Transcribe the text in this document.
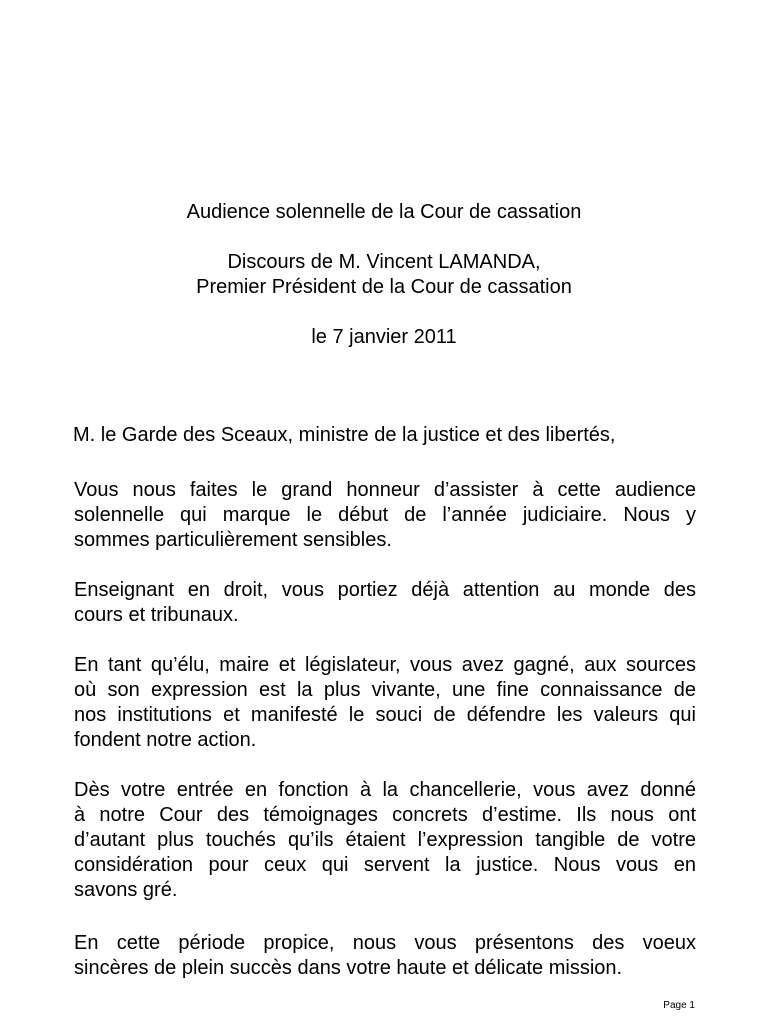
Audience solennelle de la Cour de cassation
Discours de M. Vincent LAMANDA,
Premier Président de la Cour de cassation
le 7 janvier 2011
M. le Garde des Sceaux, ministre de la justice et des libertés,
Vous nous faites le grand honneur d’assister à cette audience
solennelle qui marque le début de l’année judiciaire. Nous y
sommes particulièrement sensibles.
Enseignant en droit, vous portiez déjà attention au monde des
cours et tribunaux.
En tant qu’élu, maire et législateur, vous avez gagné, aux sources
où son expression est la plus vivante, une fine connaissance de
nos institutions et manifesté le souci de défendre les valeurs qui
fondent notre action.
Dès votre entrée en fonction à la chancellerie, vous avez donné
à notre Cour des témoignages concrets d’estime. Ils nous ont
d’autant plus touchés qu’ils étaient l’expression tangible de votre
considération pour ceux qui servent la justice. Nous vous en
savons gré.
En cette période propice, nous vous présentons des voeux
sincères de plein succès dans votre haute et délicate mission.
Page 1
